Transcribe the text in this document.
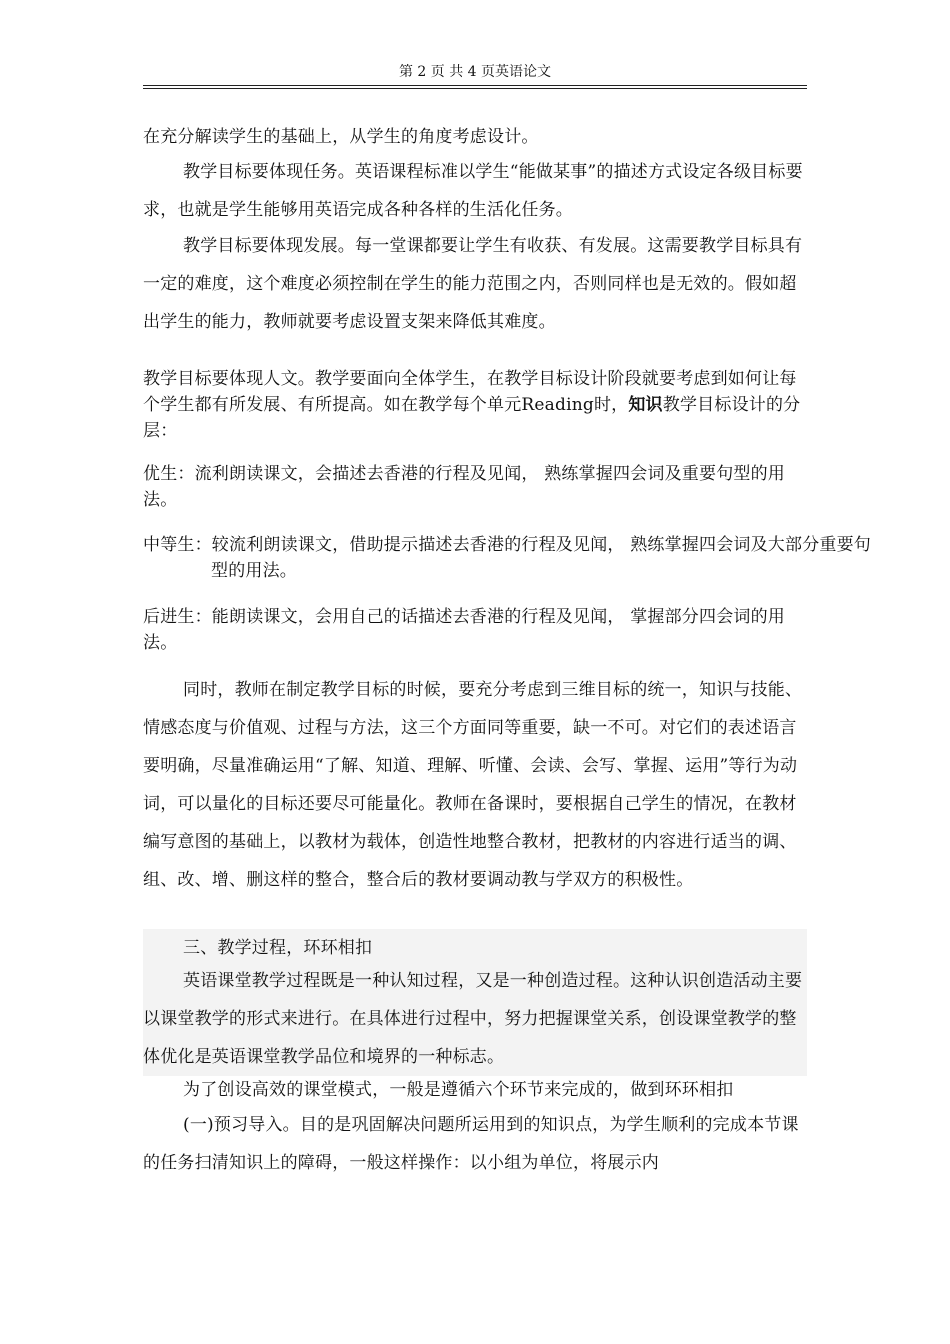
第 2 页 共 4 页英语论文

在充分解读学生的基础上，从学生的角度考虑设计。

教学目标要体现任务。英语课程标准以学生“能做某事”的描述方式设定各级目标要求，也就是学生能够用英语完成各种各样的生活化任务。

教学目标要体现发展。每一堂课都要让学生有收获、有发展。这需要教学目标具有一定的难度，这个难度必须控制在学生的能力范围之内，否则同样也是无效的。假如超出学生的能力，教师就要考虑设置支架来降低其难度。

教学目标要体现人文。教学要面向全体学生，在教学目标设计阶段就要考虑到如何让每个学生都有所发展、有所提高。如在教学每个单元Reading时，知识教学目标设计的分层：

优生：流利朗读课文，会描述去香港的行程及见闻， 熟练掌握四会词及重要句型的用法。

中等生：较流利朗读课文，借助提示描述去香港的行程及见闻， 熟练掌握四会词及大部分重要句型的用法。

后进生：能朗读课文，会用自己的话描述去香港的行程及见闻， 掌握部分四会词的用法。

同时，教师在制定教学目标的时候，要充分考虑到三维目标的统一，知识与技能、情感态度与价值观、过程与方法，这三个方面同等重要，缺一不可。对它们的表述语言要明确，尽量准确运用“了解、知道、理解、听懂、会读、会写、掌握、运用”等行为动词，可以量化的目标还要尽可能量化。教师在备课时，要根据自己学生的情况，在教材编写意图的基础上，以教材为载体，创造性地整合教材，把教材的内容进行适当的调、组、改、增、删这样的整合，整合后的教材要调动教与学双方的积极性。

三、教学过程，环环相扣

英语课堂教学过程既是一种认知过程，又是一种创造过程。这种认识创造活动主要以课堂教学的形式来进行。在具体进行过程中，努力把握课堂关系，创设课堂教学的整体优化是英语课堂教学品位和境界的一种标志。

为了创设高效的课堂模式，一般是遵循六个环节来完成的，做到环环相扣

(一)预习导入。目的是巩固解决问题所运用到的知识点，为学生顺利的完成本节课的任务扫清知识上的障碍，一般这样操作：以小组为单位，将展示内
